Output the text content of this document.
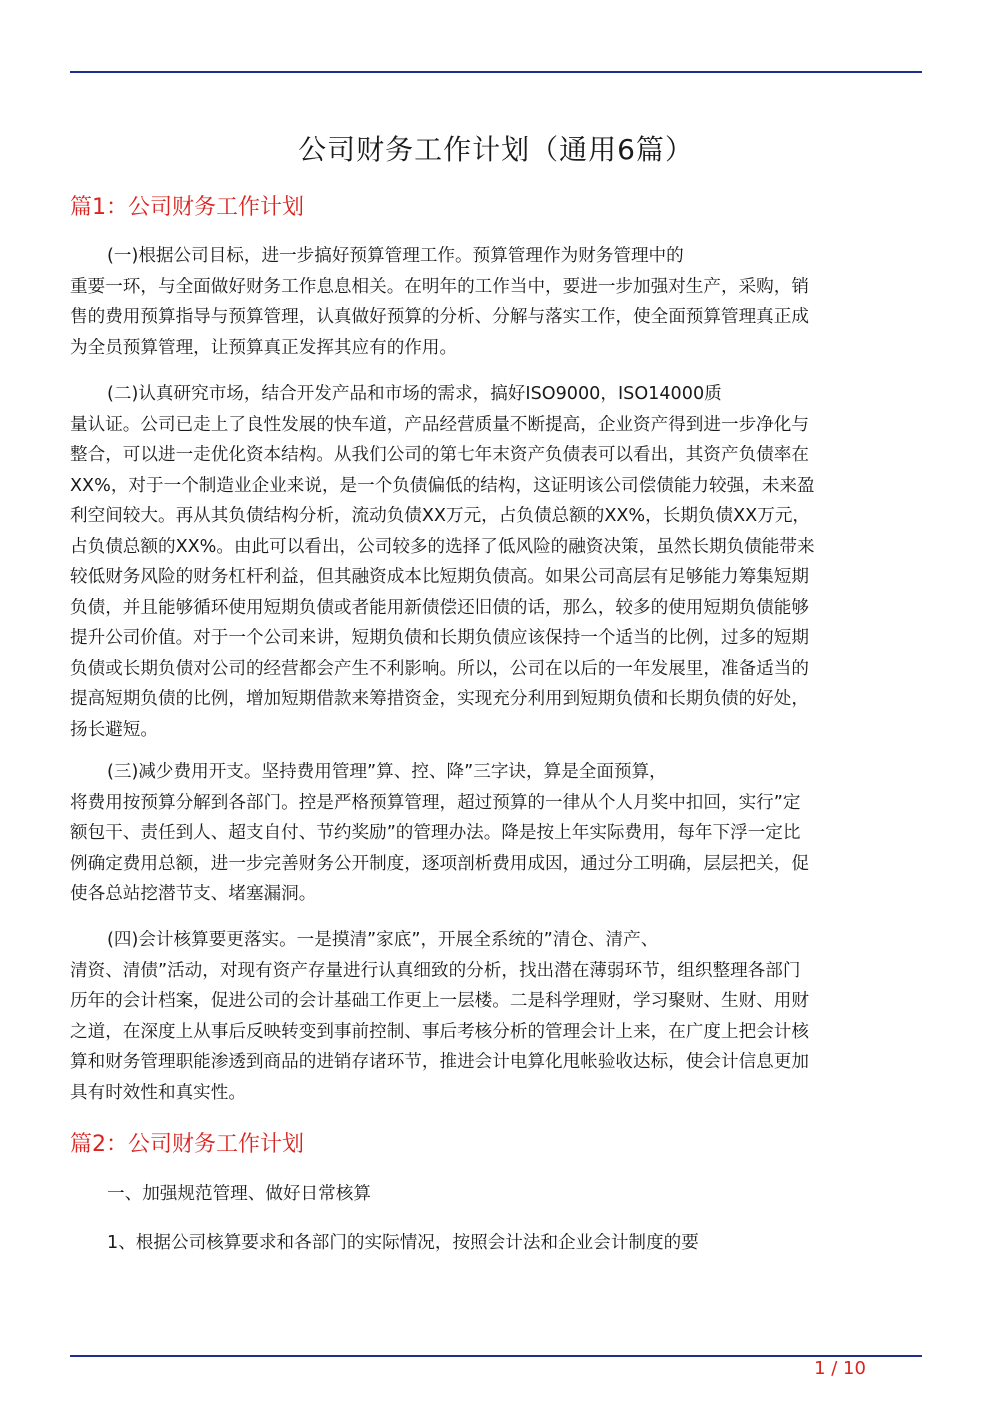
公司财务工作计划（通用6篇）
篇1：公司财务工作计划
(一)根据公司目标，进一步搞好预算管理工作。预算管理作为财务管理中的
重要一环，与全面做好财务工作息息相关。在明年的工作当中，要进一步加强对生产，采购，销
售的费用预算指导与预算管理，认真做好预算的分析、分解与落实工作，使全面预算管理真正成
为全员预算管理，让预算真正发挥其应有的作用。
(二)认真研究市场，结合开发产品和市场的需求，搞好ISO9000，ISO14000质
量认证。公司已走上了良性发展的快车道，产品经营质量不断提高，企业资产得到进一步净化与
整合，可以进一走优化资本结构。从我们公司的第七年末资产负债表可以看出，其资产负债率在
XX%，对于一个制造业企业来说，是一个负债偏低的结构，这证明该公司偿债能力较强，未来盈
利空间较大。再从其负债结构分析，流动负债XX万元，占负债总额的XX%，长期负债XX万元，
占负债总额的XX%。由此可以看出，公司较多的选择了低风险的融资决策，虽然长期负债能带来
较低财务风险的财务杠杆利益，但其融资成本比短期负债高。如果公司高层有足够能力筹集短期
负债，并且能够循环使用短期负债或者能用新债偿还旧债的话，那么，较多的使用短期负债能够
提升公司价值。对于一个公司来讲，短期负债和长期负债应该保持一个适当的比例，过多的短期
负债或长期负债对公司的经营都会产生不利影响。所以，公司在以后的一年发展里，准备适当的
提高短期负债的比例，增加短期借款来筹措资金，实现充分利用到短期负债和长期负债的好处，
扬长避短。
(三)减少费用开支。坚持费用管理”算、控、降”三字诀，算是全面预算，
将费用按预算分解到各部门。控是严格预算管理，超过预算的一律从个人月奖中扣回，实行”定
额包干、责任到人、超支自付、节约奖励”的管理办法。降是按上年实际费用，每年下浮一定比
例确定费用总额，进一步完善财务公开制度，逐项剖析费用成因，通过分工明确，层层把关，促
使各总站挖潜节支、堵塞漏洞。
(四)会计核算要更落实。一是摸清”家底”，开展全系统的”清仓、清产、
清资、清债”活动，对现有资产存量进行认真细致的分析，找出潜在薄弱环节，组织整理各部门
历年的会计档案，促进公司的会计基础工作更上一层楼。二是科学理财，学习聚财、生财、用财
之道，在深度上从事后反映转变到事前控制、事后考核分析的管理会计上来，在广度上把会计核
算和财务管理职能渗透到商品的进销存诸环节，推进会计电算化甩帐验收达标，使会计信息更加
具有时效性和真实性。
篇2：公司财务工作计划
一、加强规范管理、做好日常核算
1、根据公司核算要求和各部门的实际情况，按照会计法和企业会计制度的要
1 / 10
